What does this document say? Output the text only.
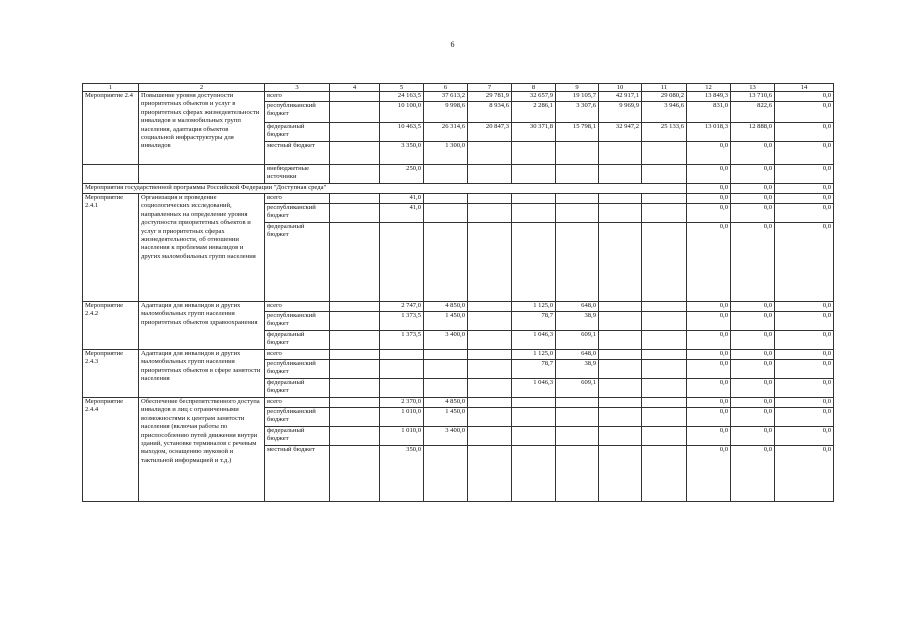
6
1	2	3	4	5	6	7	8	9	10	11	12	13	14
Мероприятие 2.4	Повышение уровня доступности приоритетных объектов и услуг в приоритетных сферах жизнедеятельности инвалидов и маломобильных групп населения, адаптация объектов социальной инфраструктуры для инвалидов	всего		24 163,5	37 613,2	29 781,9	32 657,9	19 105,7	42 917,1	29 080,2	13 849,3	13 710,6	0,0
		республиканский бюджет		10 100,0	9 998,6	8 934,6	2 286,1	3 307,6	9 969,9	3 946,6	831,0	822,6	0,0
		федеральный бюджет		10 463,5	26 314,6	20 847,3	30 371,8	15 798,1	32 947,2	25 133,6	13 018,3	12 888,0	0,0
		местный бюджет		3 350,0	1 300,0						0,0	0,0	0,0
		внебюджетные источники		250,0							0,0	0,0	0,0
Мероприятия государственной программы Российской Федерации "Доступная среда"											0,0	0,0	0,0
Мероприятие 2.4.1	Организация и проведение социологических исследований, направленных на определение уровня доступности приоритетных объектов и услуг в приоритетных сферах жизнедеятельности, об отношении населения к проблемам инвалидов и других маломобильных групп населения	всего		41,0							0,0	0,0	0,0
		республиканский бюджет		41,0							0,0	0,0	0,0
		федеральный бюджет									0,0	0,0	0,0
Мероприятие 2.4.2	Адаптация для инвалидов и других маломобильных групп населения приоритетных объектов здравоохранения	всего		2 747,0	4 850,0		1 125,0	648,0			0,0	0,0	0,0
		республиканский бюджет		1 373,5	1 450,0		78,7	38,9			0,0	0,0	0,0
		федеральный бюджет		1 373,5	3 400,0		1 046,3	609,1			0,0	0,0	0,0
Мероприятие 2.4.3	Адаптация для инвалидов и других маломобильных групп населения приоритетных объектов в сфере занятости населения	всего					1 125,0	648,0			0,0	0,0	0,0
		республиканский бюджет					78,7	38,9			0,0	0,0	0,0
		федеральный бюджет					1 046,3	609,1			0,0	0,0	0,0
Мероприятие 2.4.4	Обеспечение беспрепятственного доступа инвалидов и лиц с ограниченными возможностями к центрам занятости населения (включая работы по приспособлению путей движения внутри зданий, установке терминалов с речевым выходом, оснащению звуковой и тактильной информацией и т.д.)	всего		2 370,0	4 850,0						0,0	0,0	0,0
		республиканский бюджет		1 010,0	1 450,0						0,0	0,0	0,0
		федеральный бюджет		1 010,0	3 400,0						0,0	0,0	0,0
		местный бюджет		350,0							0,0	0,0	0,0
